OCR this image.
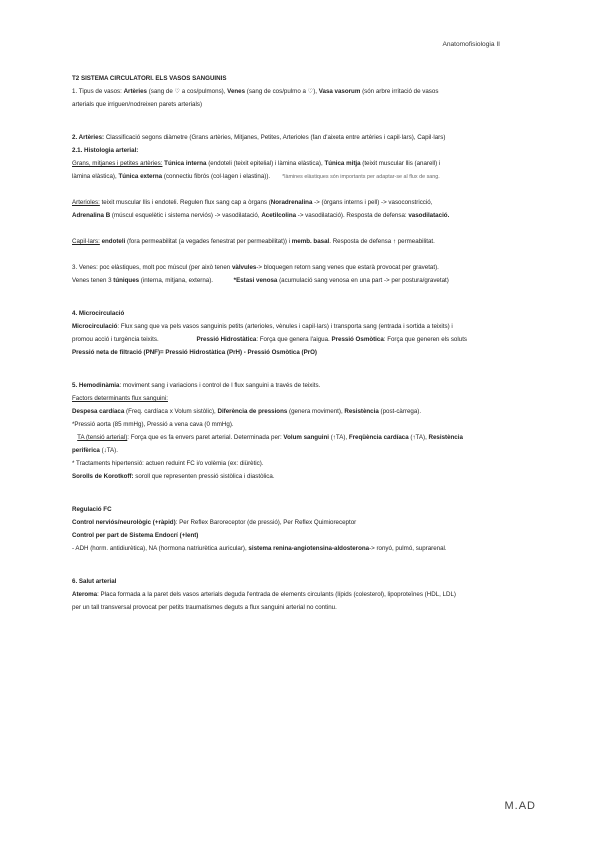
Anatomofisiologia II

T2 SISTEMA CIRCULATORI. ELS VASOS SANGUINIS

1. Tipus de vasos: Artèries (sang de ♡ a cos/pulmons), Venes (sang de cos/pulmo a ♡), Vasa vasorum (són arbre irritació de vasos

arterials que irriguen/nodreixen parets arterials)

2. Artèries: Classificació segons diàmetre (Grans artèries, Mitjanes, Petites, Arterioles (fan d'aixeta entre artèries i capil·lars), Capil·lars)

2.1. Histologia arterial:

Grans, mitjanes i petites artèries: Túnica interna (endoteli (teixit epitelial) i làmina elàstica), Túnica mitja (teixit muscular llis (anarell) i

làmina elàstica), Túnica externa (connectiu fibrós (col·lagen i elastina)). *làmines elàstiques són importants per adaptar-se al flux de sang.

Arterioles: teixit muscular llis i endoteli. Regulen flux sang cap a òrgans (Noradrenalina -> (òrgans interns i pell) -> vasoconstricció,

Adrenalina B (múscul esquelètic i sistema nerviós) -> vasodilatació, Acetilcolina -> vasodilatació). Resposta de defensa: vasodilatació.

Capil·lars: endoteli (fora permeabilitat (a vegades fenestrat per permeabilitat)) i memb. basal. Resposta de defensa ↑ permeabilitat.

3. Venes: poc elàstiques, molt poc múscul (per això tenen vàlvules-> bloquegen retorn sang venes que estarà provocat per gravetat).

Venes tenen 3 túniques (interna, mitjana, externa).	*Estasi venosa (acumulació sang venosa en una part -> per postura/gravetat)

4. Microcirculació

Microcirculació: Flux sang que va pels vasos sanguinis petits (arterioles, vènules i capil·lars) i transporta sang (entrada i sortida a teixits) i

promou acció i turgència teixits.	Pressió Hidrostàtica: Força que genera l'aigua. Pressió Osmòtica: Força que generen els soluts

Pressió neta de filtració (PNF)= Pressió Hidrostàtica (PrH) - Pressió Osmòtica (PrO)

5. Hemodinàmia: moviment sang i variacions i control de l flux sanguini a través de teixits.

Factors determinants flux sanguini:

Despesa cardíaca (Freq. cardíaca x Volum sistòlic), Diferència de pressions (genera moviment), Resistència (post-càrrega).

*Pressió aorta (85 mmHg), Pressió a vena cava (0 mmHg).

TA (tensió arterial): Força que es fa envers paret arterial. Determinada per: Volum sanguini (↑TA), Freqüència cardíaca (↑TA), Resistència

perifèrica (↓TA).

* Tractaments hipertensió: actuen reduint FC i/o volèmia (ex: diürètic).

Sorolls de Korotkoff: soroll que representen pressió sistòlica i diastòlica.

Regulació FC

Control nerviós/neurològic (+ràpid): Per Reflex Baroreceptor (de pressió), Per Reflex Quimioreceptor

Control per part de Sistema Endocrí (+lent)

- ADH (horm. antidiurètica), NA (hormona natriurètica auricular), sistema renina-angiotensina-aldosterona-> ronyó, pulmó, suprarenal.

6. Salut arterial

Ateroma: Placa formada a la paret dels vasos arterials deguda l'entrada de elements circulants (lípids (colesterol), lipoproteïnes (HDL, LDL)

per un tall transversal provocat per petits traumatismes deguts a flux sanguini arterial no continu.

M.AD
